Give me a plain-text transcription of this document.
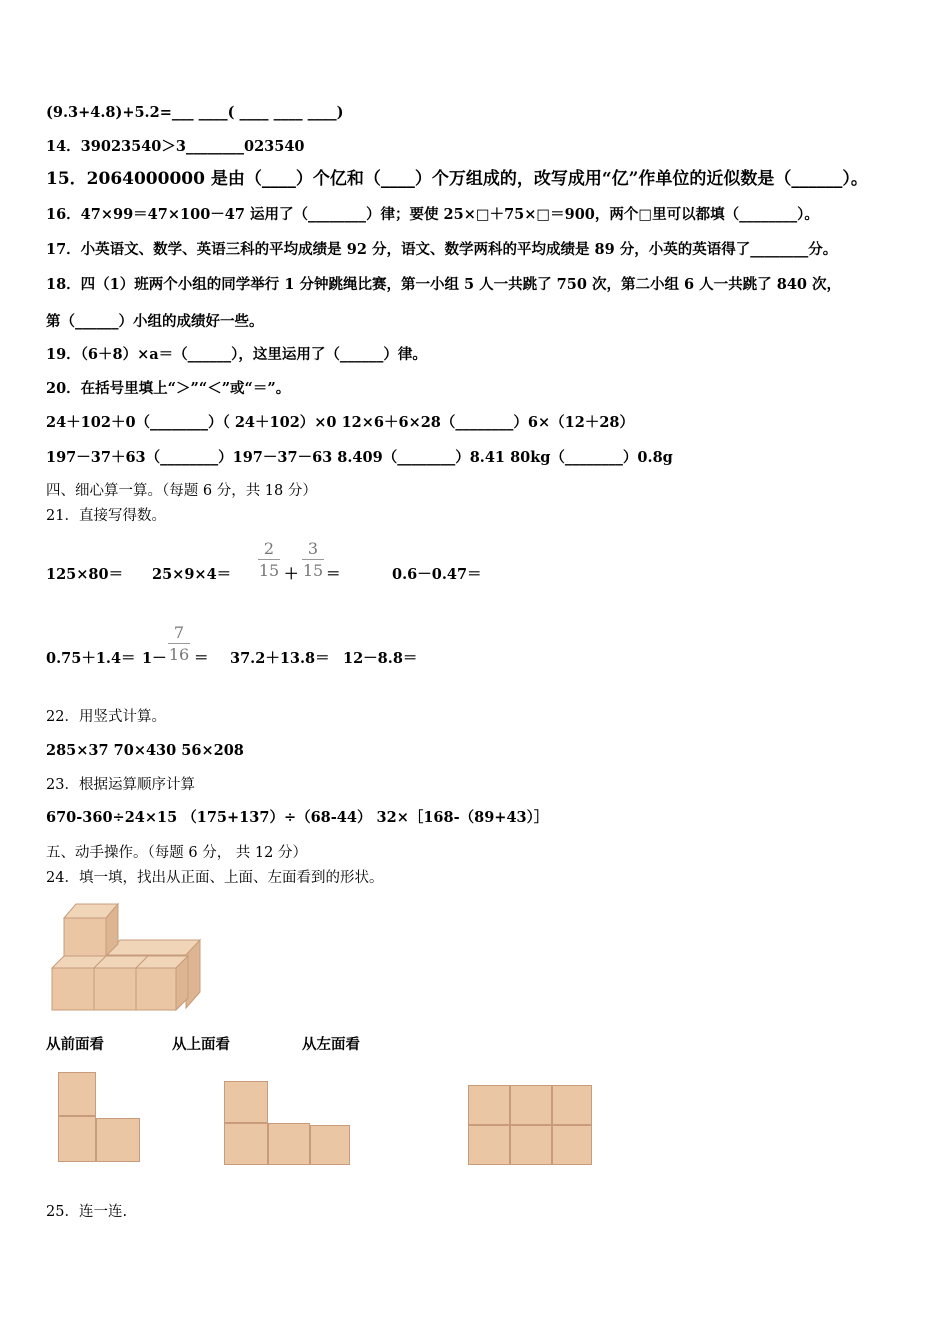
(9.3+4.8)+5.2=___ ____( ____ ____ ____)
14．39023540＞3________023540
15．2064000000 是由（____）个亿和（____）个万组成的，改写成用“亿”作单位的近似数是（______）。
16．47×99＝47×100－47 运用了（________）律；要使 25×□＋75×□＝900，两个□里可以都填（________）。
17．小英语文、数学、英语三科的平均成绩是 92 分，语文、数学两科的平均成绩是 89 分，小英的英语得了________分。
18．四（1）班两个小组的同学举行 1 分钟跳绳比赛，第一小组 5 人一共跳了 750 次，第二小组 6 人一共跳了 840 次，
第（______）小组的成绩好一些。
19．（6＋8）×a＝（______），这里运用了（______）律。
20．在括号里填上“＞”“＜”或“＝”。
24＋102＋0（________）（ 24＋102）×0 12×6＋6×28（________）6×（12＋28）
197－37＋63（________）197－37－63 8.409（________）8.41 80kg（________）0.8g
四、细心算一算。（每题 6 分，共 18 分）
21．直接写得数。
125×80＝ 25×9×4＝
2
15 ＋
3
15 ＝	0.6－0.47＝
0.75＋1.4＝ 1－
7
16 ＝ 37.2＋13.8＝ 12－8.8＝
22．用竖式计算。
285×37 70×430 56×208
23．根据运算顺序计算
670-360÷24×15 （175+137）÷（68-44） 32×［168-（89+43）］
五、动手操作。（每题 6 分， 共 12 分）
24．填一填，找出从正面、上面、左面看到的形状。
从前面看	从上面看	从左面看
25．连一连.
